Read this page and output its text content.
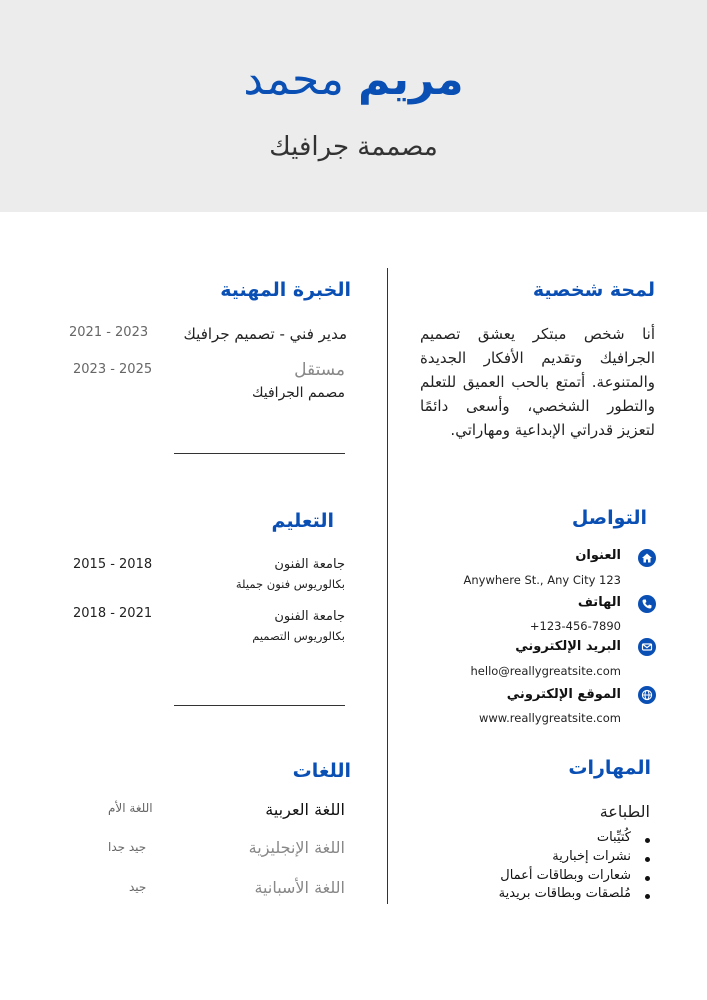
مريم محمد
مصممة جرافيك
لمحة شخصية
أنا شخص مبتكر يعشق تصميم الجرافيك وتقديم الأفكار الجديدة والمتنوعة. أتمتع بالحب العميق للتعلم والتطور الشخصي، وأسعى دائمًا لتعزيز قدراتي الإبداعية ومهاراتي.
التواصل
العنوان
Anywhere St., Any City 123
الهاتف
+123-456-7890
البريد الإلكتروني
hello@reallygreatsite.com
الموقع الإلكتروني
www.reallygreatsite.com
المهارات
الطباعة
كُتيِّبات
نشرات إخبارية
شعارات وبطاقات أعمال
مُلصقات وبطاقات بريدية
الخبرة المهنية
مدير فني - تصميم جرافيك
2021 - 2023
مستقل
مصمم الجرافيك
2023 - 2025
التعليم
جامعة الفنون
بكالوريوس فنون جميلة
2015 - 2018
جامعة الفنون
بكالوريوس التصميم
2018 - 2021
اللغات
اللغة العربية
اللغة الأم
اللغة الإنجليزية
جيد جدا
اللغة الأسبانية
جيد
